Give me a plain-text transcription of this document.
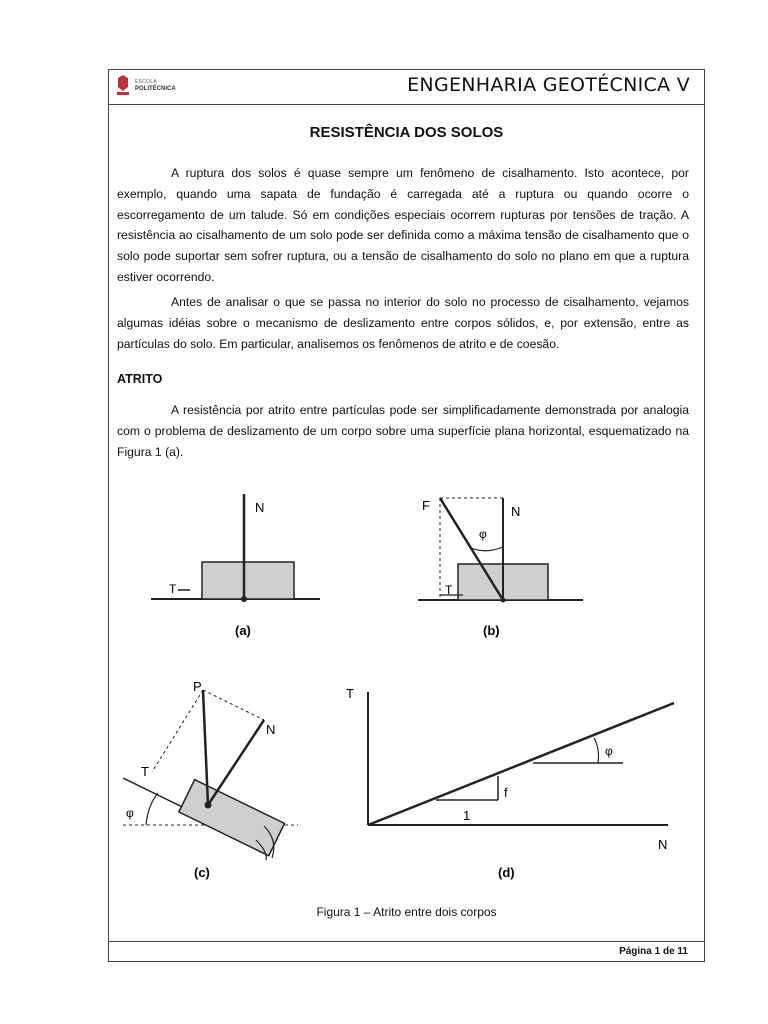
ESCOLA
POLITÉCNICA	ENGENHARIA GEOTÉCNICA V
RESISTÊNCIA DOS SOLOS

A ruptura dos solos é quase sempre um fenômeno de cisalhamento. Isto acontece, por exemplo, quando uma sapata de fundação é carregada até a ruptura ou quando ocorre o escorregamento de um talude. Só em condições especiais ocorrem rupturas por tensões de tração. A resistência ao cisalhamento de um solo pode ser definida como a máxima tensão de cisalhamento que o solo pode suportar sem sofrer ruptura, ou a tensão de cisalhamento do solo no plano em que a ruptura estiver ocorrendo.

Antes de analisar o que se passa no interior do solo no processo de cisalhamento, vejamos algumas idéias sobre o mecanismo de deslizamento entre corpos sólidos, e, por extensão, entre as partículas do solo. Em particular, analisemos os fenômenos de atrito e de coesão.

ATRITO

A resistência por atrito entre partículas pode ser simplificadamente demonstrada por analogia com o problema de deslizamento de um corpo sobre uma superfície plana horizontal, esquematizado na Figura 1 (a).

N
T
(a)
F	N
φ
T
(b)
P
N
T
φ
(c)
T
N
1
f
φ
(d)
Figura 1 – Atrito entre dois corpos
Página 1 de 11
